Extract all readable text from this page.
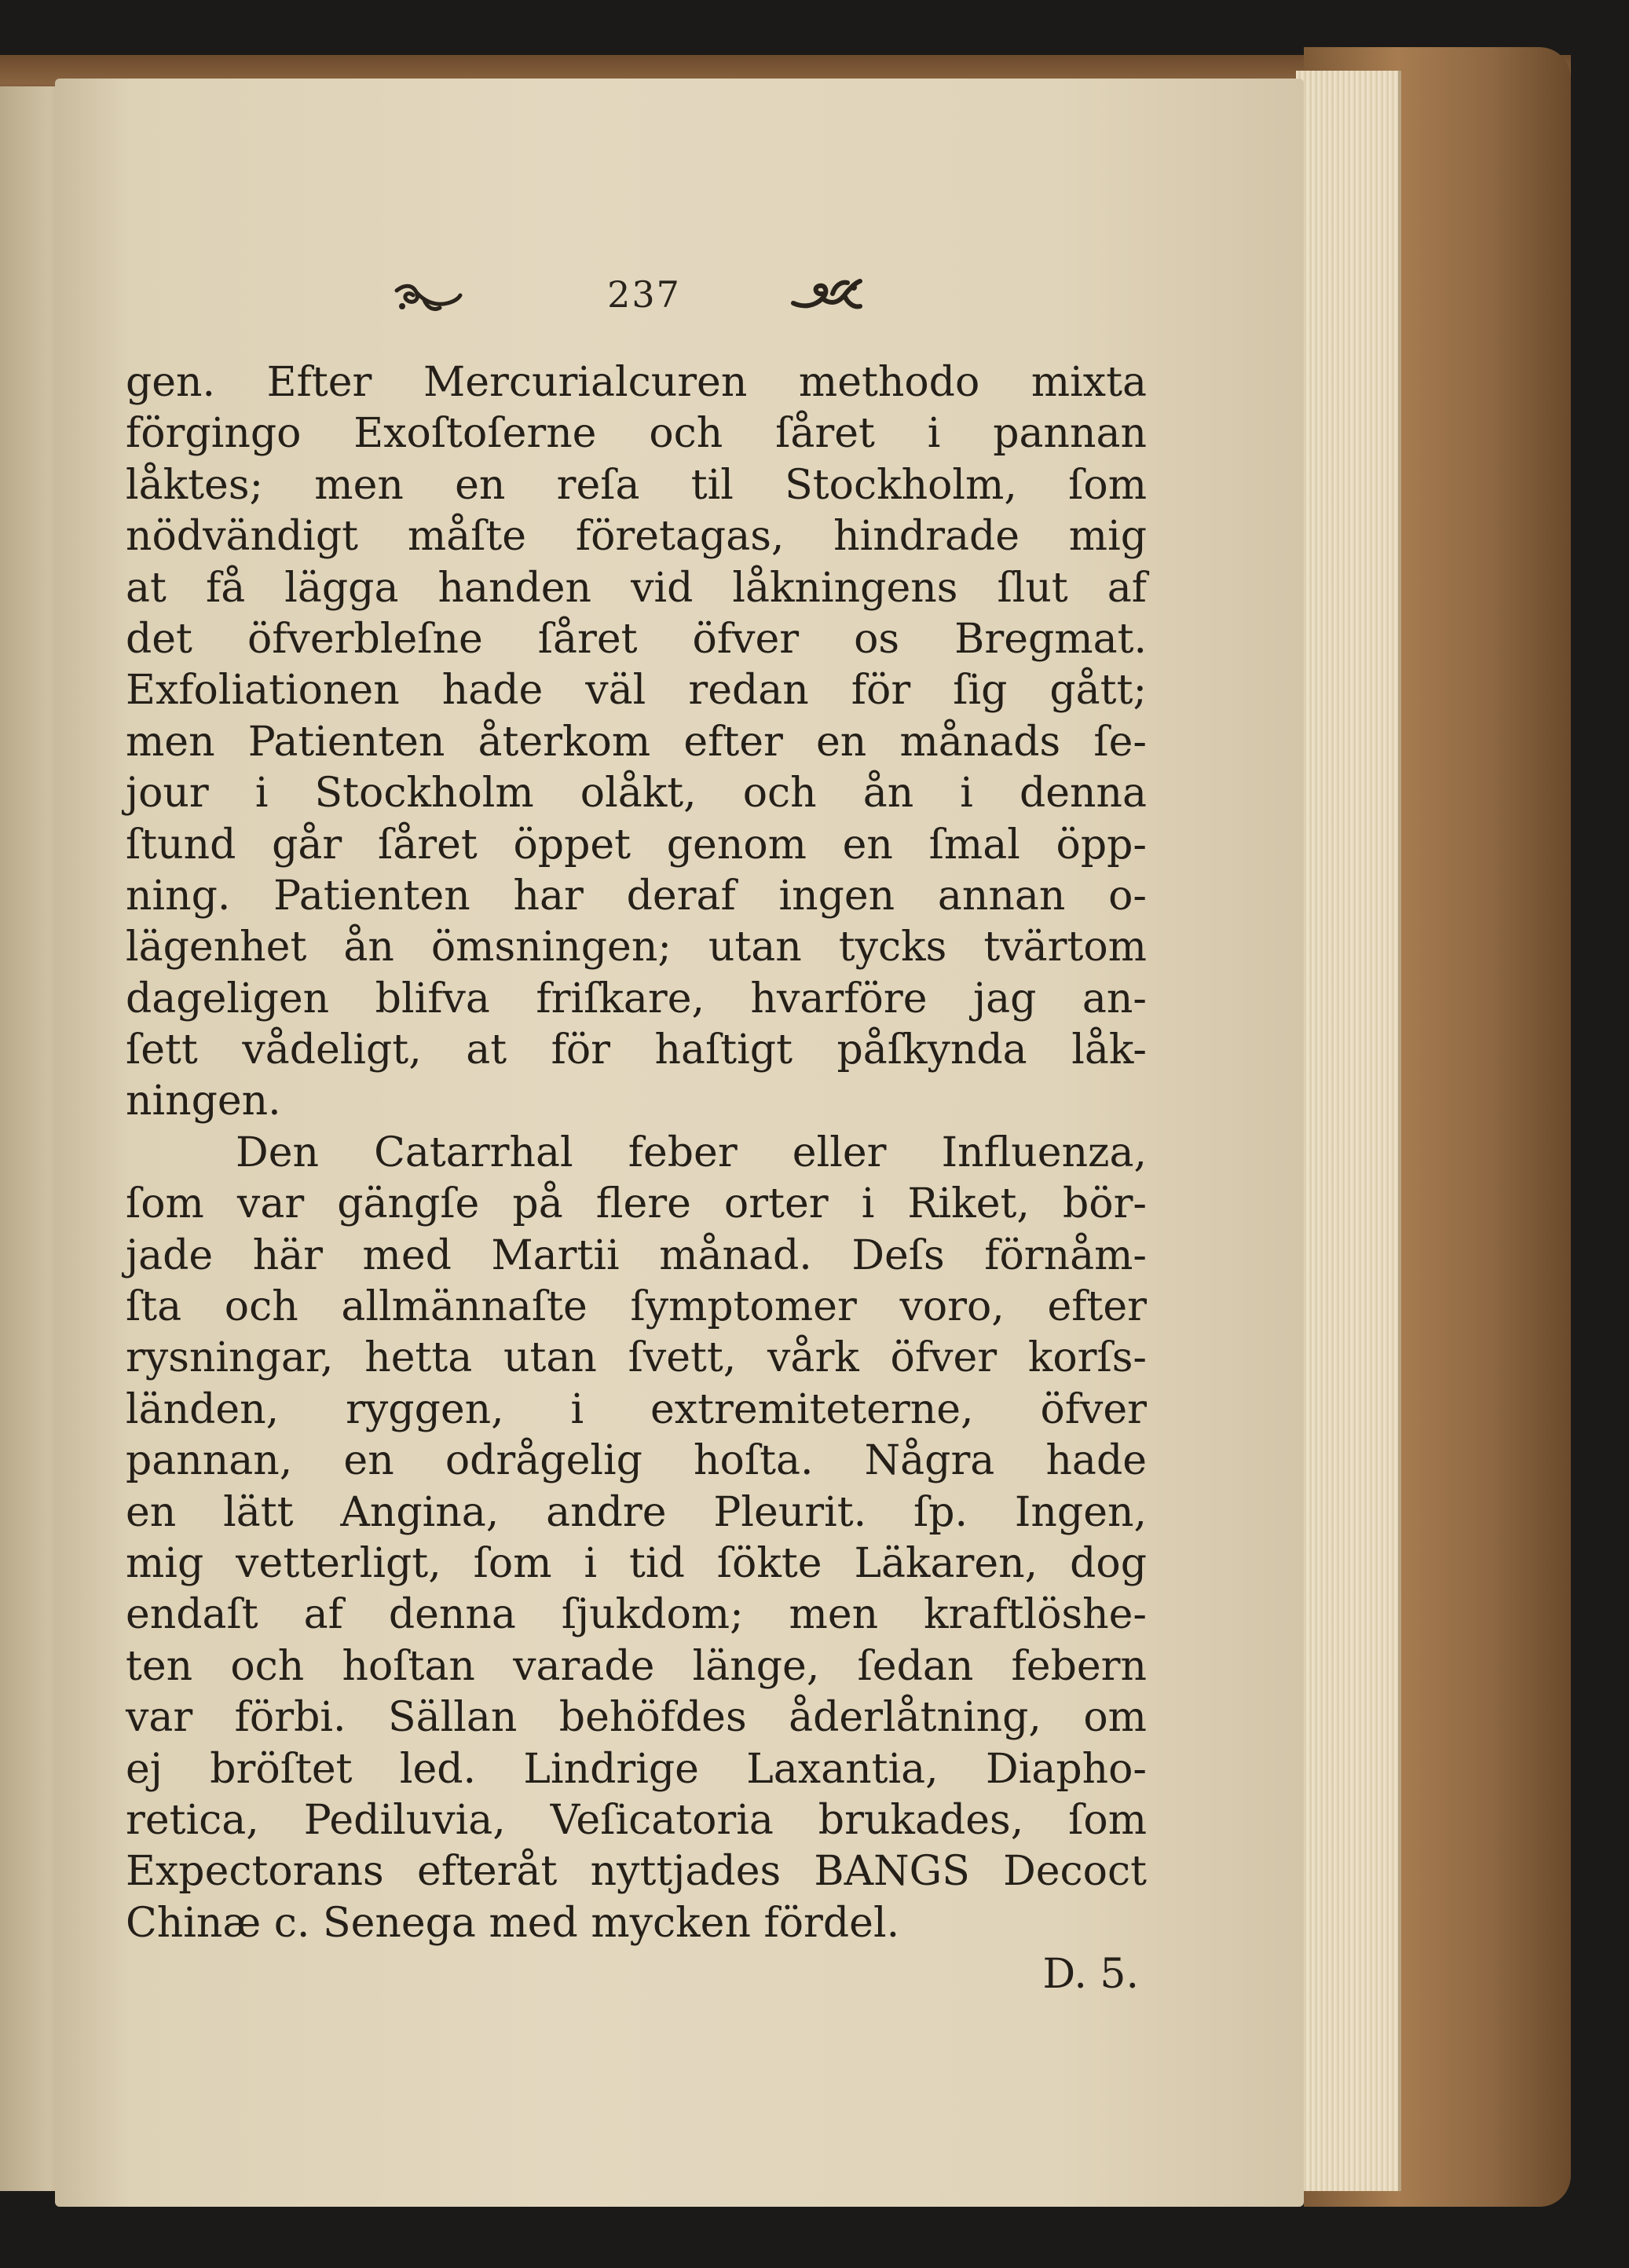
237
gen. Efter Mercurialcuren methodo mixta
förgingo Exoſtoſerne och ſåret i pannan
låktes; men en reſa til Stockholm, ſom
nödvändigt måſte företagas, hindrade mig
at få lägga handen vid låkningens ſlut af
det öfverbleſne ſåret öfver os Bregmat.
Exfoliationen hade väl redan för ſig gått;
men Patienten återkom efter en månads ſe-
jour i Stockholm olåkt, och ån i denna
ſtund går ſåret öppet genom en ſmal öpp-
ning. Patienten har deraf ingen annan o-
lägenhet ån ömsningen; utan tycks tvärtom
dageligen blifva friſkare, hvarföre jag an-
ſett vådeligt, at för haſtigt påſkynda låk-
ningen.
Den Catarrhal feber eller Influenza,
ſom var gängſe på flere orter i Riket, bör-
jade här med Martii månad. Deſs förnåm-
ſta och allmännaſte ſymptomer voro, efter
rysningar, hetta utan ſvett, vårk öfver korſs-
länden, ryggen, i extremiteterne, öfver
pannan, en odrågelig hoſta. Några hade
en lätt Angina, andre Pleurit. ſp. Ingen,
mig vetterligt, ſom i tid ſökte Läkaren, dog
endaſt af denna ſjukdom; men kraftlöshe-
ten och hoſtan varade länge, ſedan febern
var förbi. Sällan behöfdes åderlåtning, om
ej bröſtet led. Lindrige Laxantia, Diapho-
retica, Pediluvia, Veſicatoria brukades, ſom
Expectorans efteråt nyttjades BANGS Decoct
Chinæ c. Senega med mycken fördel.
D. 5.
